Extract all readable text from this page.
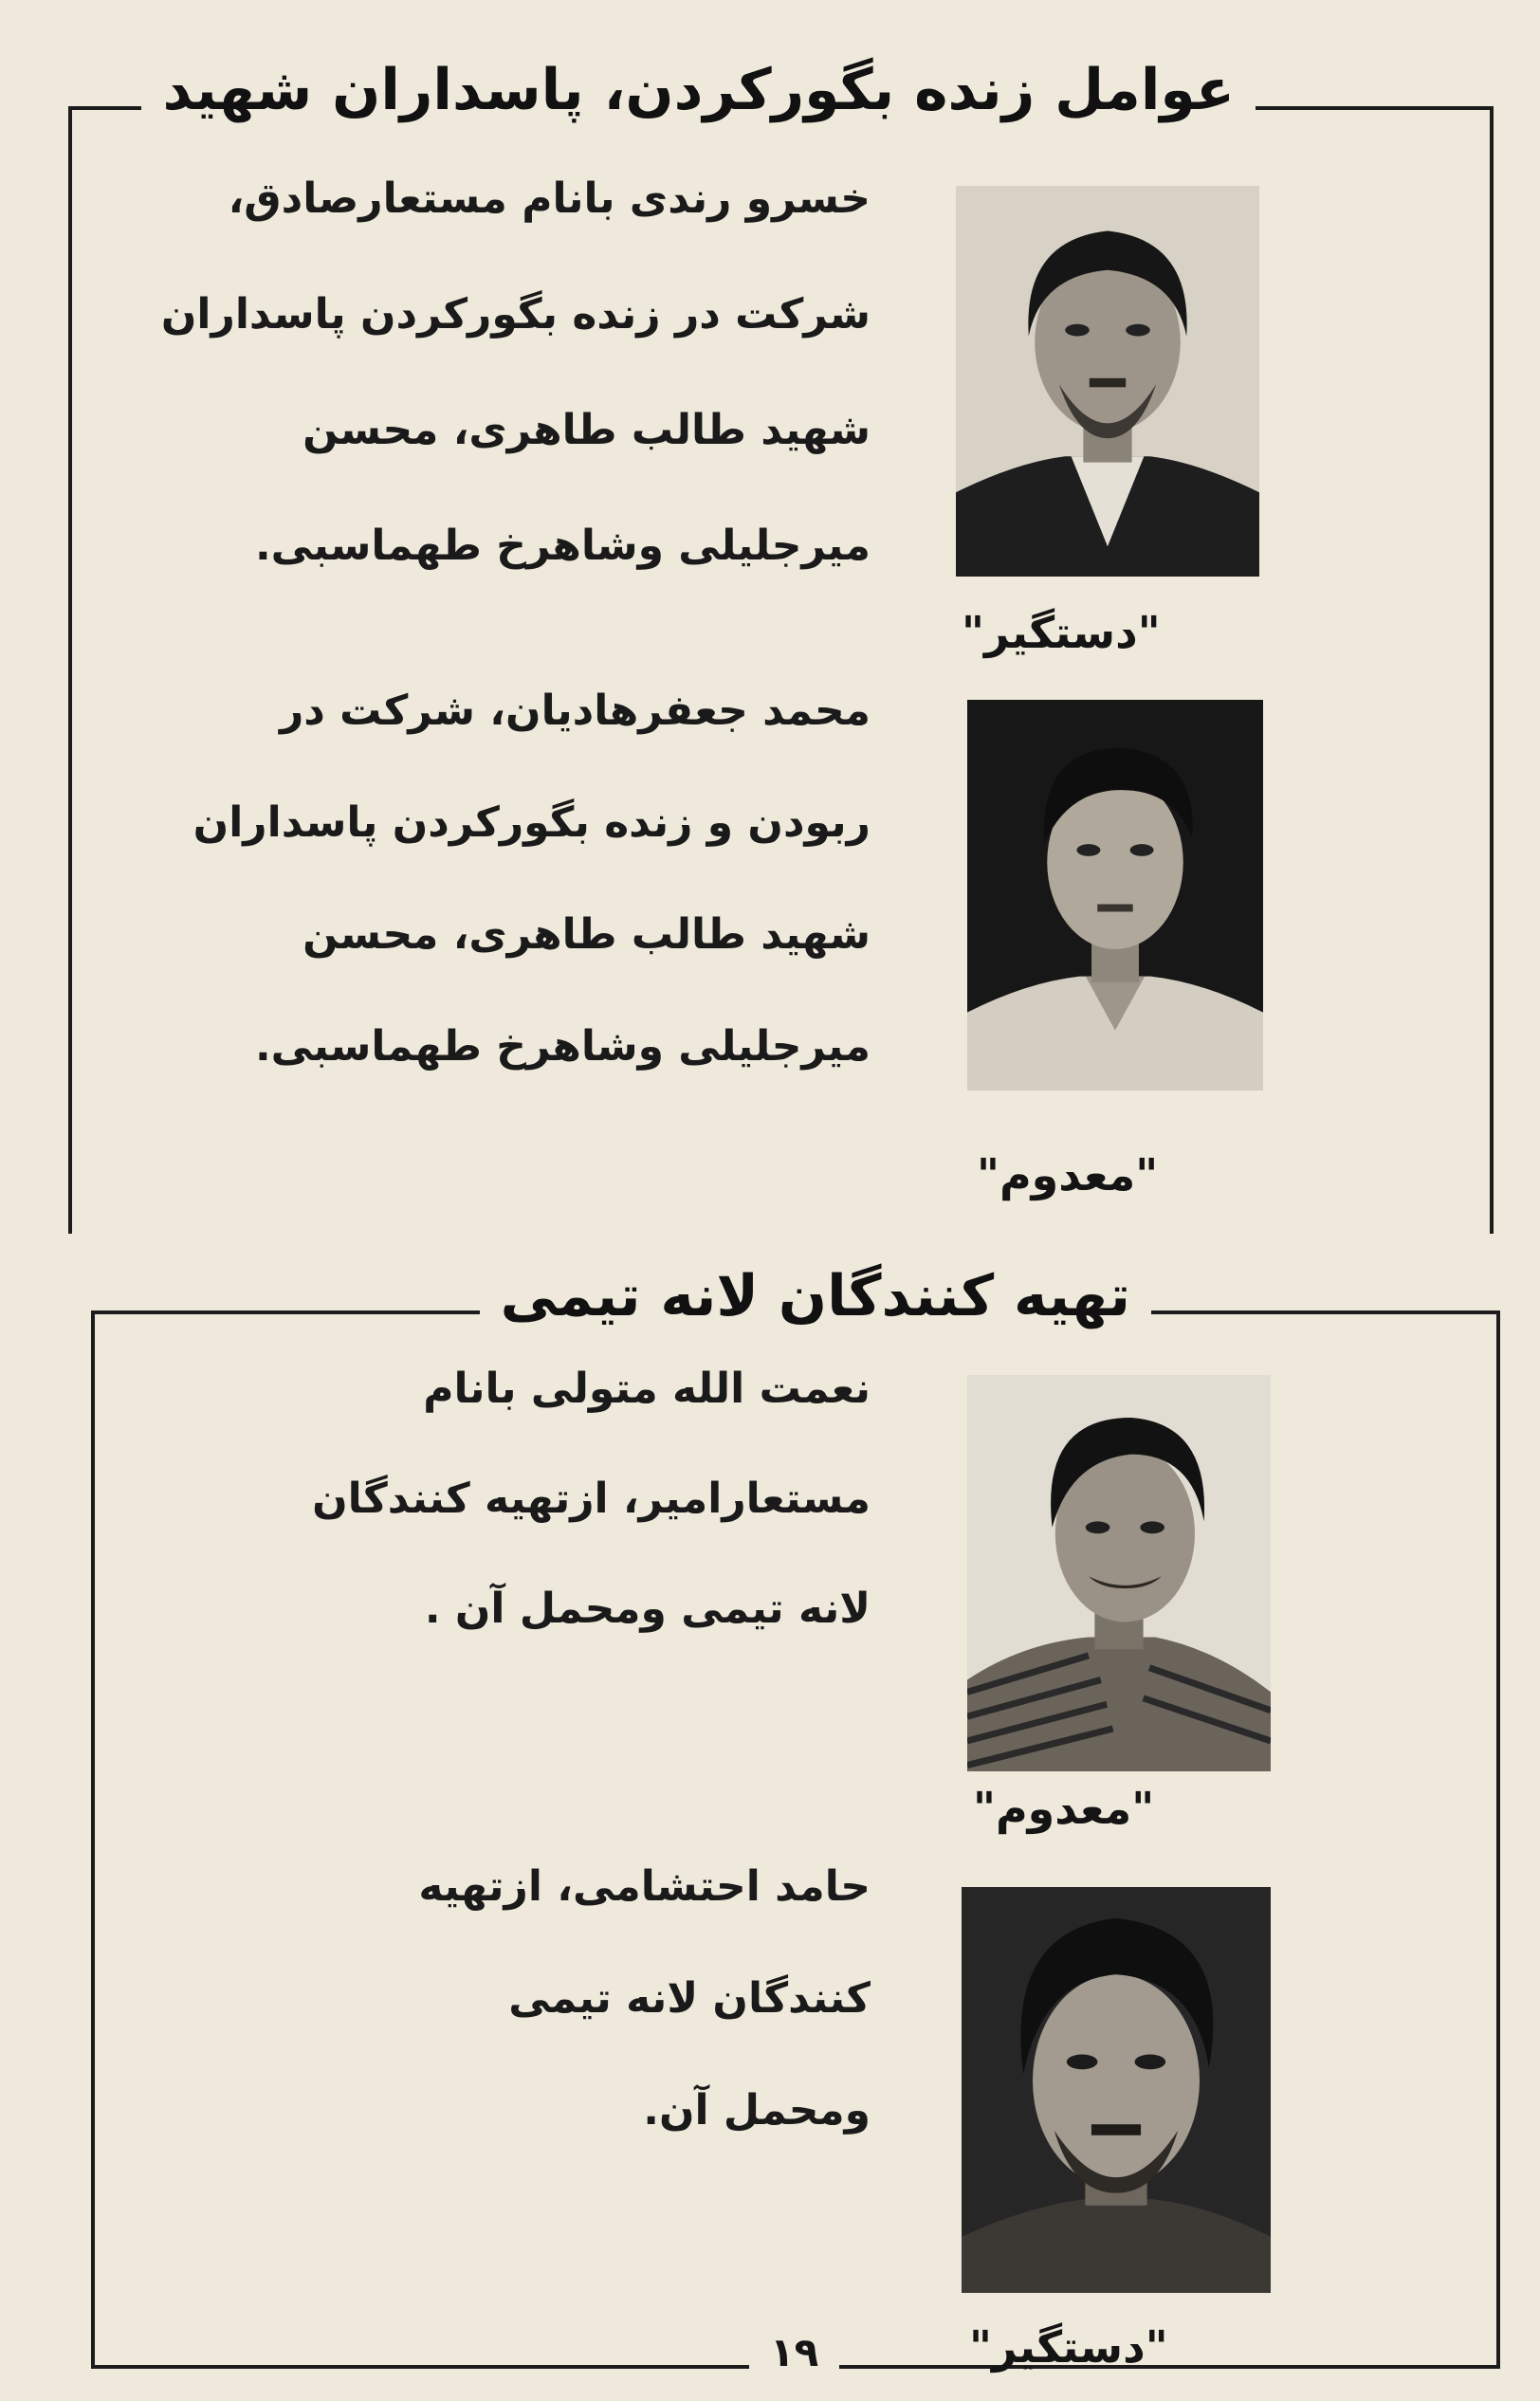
عوامل زنده بگورکردن، پاسداران شهید
خسرو رندی بانام مستعارصادق،
شرکت در زنده بگورکردن پاسداران
شهید طالب طاهری، محسن
میرجلیلی وشاهرخ طهماسبی.
"دستگیر"
محمد جعفرهادیان، شرکت در
ربودن و زنده بگورکردن پاسداران
شهید طالب طاهری، محسن
میرجلیلی وشاهرخ طهماسبی.
"معدوم"
تهیه کنندگان لانه تیمی
نعمت الله متولی بانام
مستعارامیر، ازتهیه کنندگان
لانه تیمی ومحمل آن .
"معدوم"
حامد احتشامی، ازتهیه
کنندگان لانه تیمی
ومحمل آن.
"دستگیر"
۱۹
